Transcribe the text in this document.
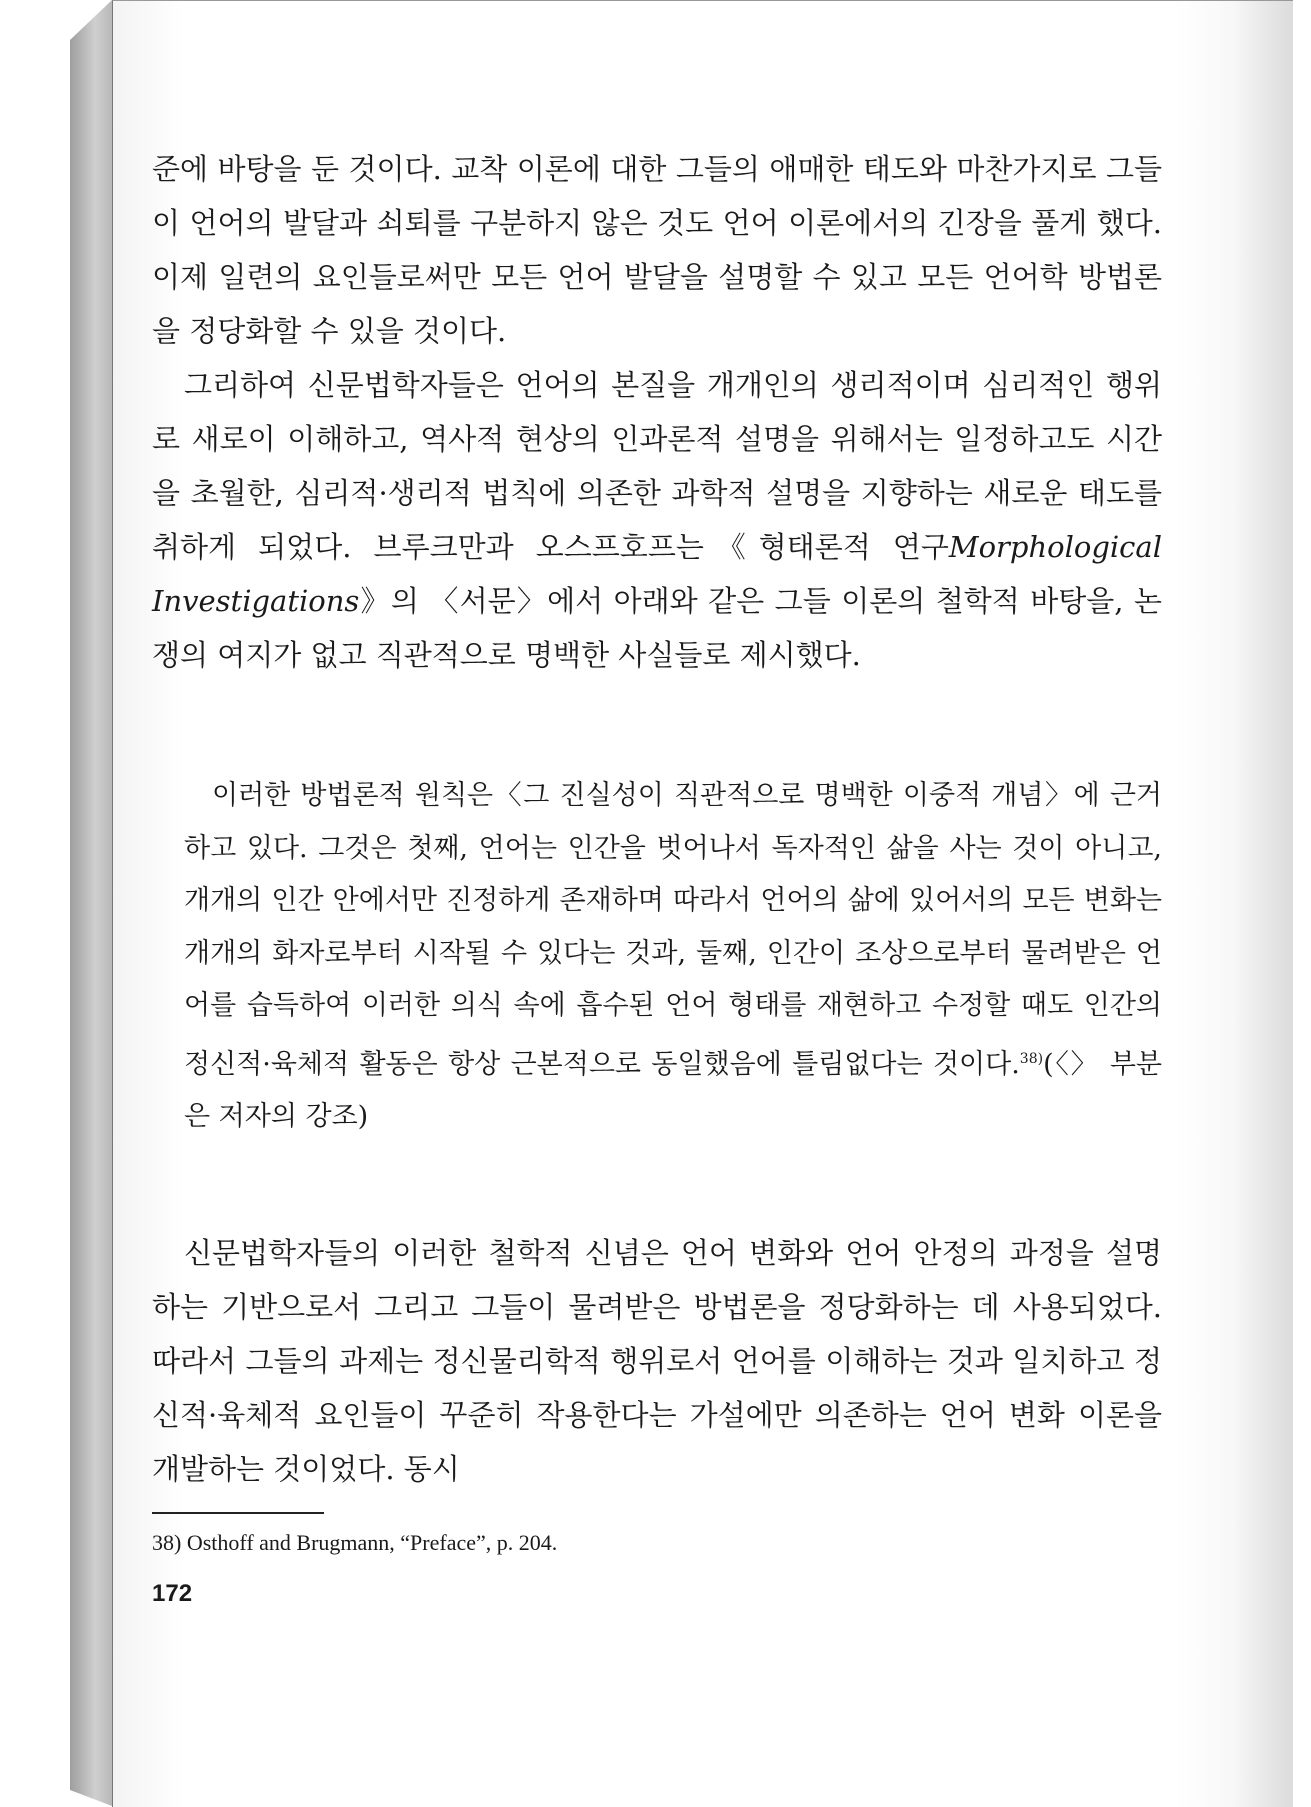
준에 바탕을 둔 것이다. 교착 이론에 대한 그들의 애매한 태도와 마찬가지로 그들이 언어의 발달과 쇠퇴를 구분하지 않은 것도 언어 이론에서의 긴장을 풀게 했다. 이제 일련의 요인들로써만 모든 언어 발달을 설명할 수 있고 모든 언어학 방법론을 정당화할 수 있을 것이다.

그리하여 신문법학자들은 언어의 본질을 개개인의 생리적이며 심리적인 행위로 새로이 이해하고, 역사적 현상의 인과론적 설명을 위해서는 일정하고도 시간을 초월한, 심리적·생리적 법칙에 의존한 과학적 설명을 지향하는 새로운 태도를 취하게 되었다. 브루크만과 오스프호프는《형태론적 연구Morphological Investigations》의 〈서문〉에서 아래와 같은 그들 이론의 철학적 바탕을, 논쟁의 여지가 없고 직관적으로 명백한 사실들로 제시했다.

이러한 방법론적 원칙은〈그 진실성이 직관적으로 명백한 이중적 개념〉에 근거하고 있다. 그것은 첫째, 언어는 인간을 벗어나서 독자적인 삶을 사는 것이 아니고, 개개의 인간 안에서만 진정하게 존재하며 따라서 언어의 삶에 있어서의 모든 변화는 개개의 화자로부터 시작될 수 있다는 것과, 둘째, 인간이 조상으로부터 물려받은 언어를 습득하여 이러한 의식 속에 흡수된 언어 형태를 재현하고 수정할 때도 인간의 정신적·육체적 활동은 항상 근본적으로 동일했음에 틀림없다는 것이다.$^{38)}$(〈〉 부분은 저자의 강조)

신문법학자들의 이러한 철학적 신념은 언어 변화와 언어 안정의 과정을 설명하는 기반으로서 그리고 그들이 물려받은 방법론을 정당화하는 데 사용되었다. 따라서 그들의 과제는 정신물리학적 행위로서 언어를 이해하는 것과 일치하고 정신적·육체적 요인들이 꾸준히 작용한다는 가설에만 의존하는 언어 변화 이론을 개발하는 것이었다. 동시

38) Osthoff and Brugmann, “Preface”, p. 204.
172
